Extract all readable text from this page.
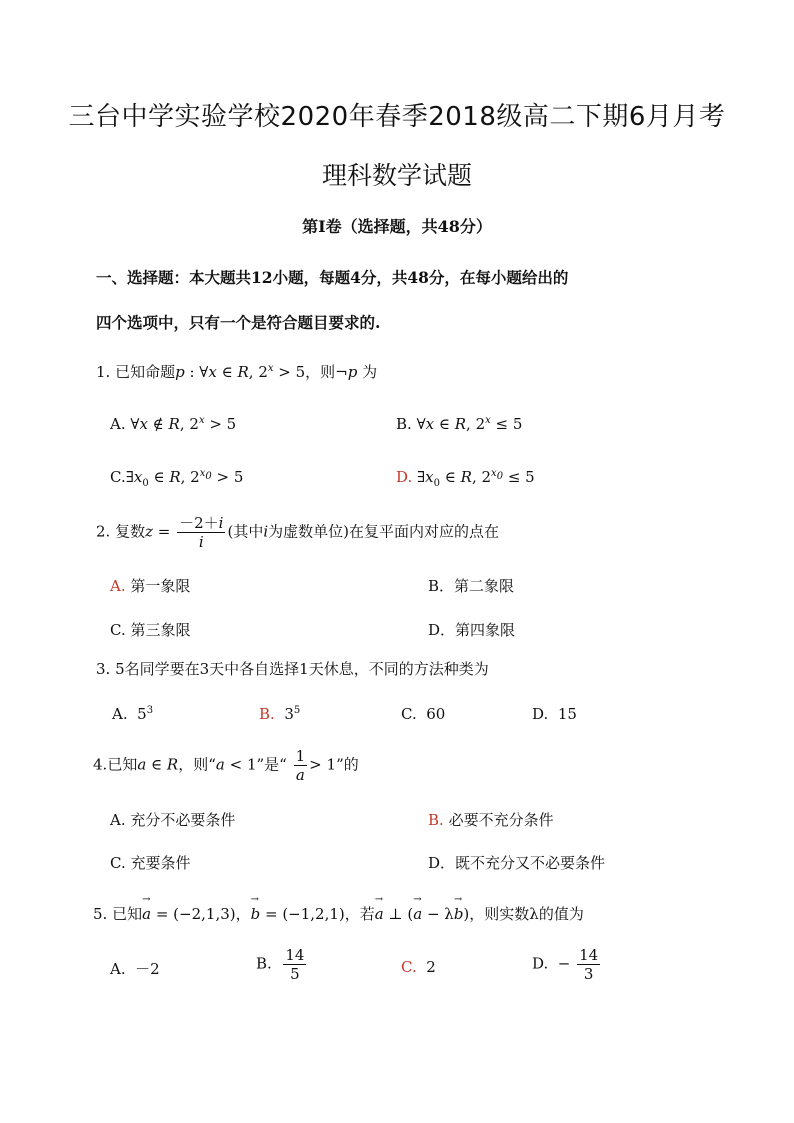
三台中学实验学校2020年春季2018级高二下期6月月考
理科数学试题
第Ⅰ卷（选择题，共48分）
一、选择题：本大题共12小题，每题4分，共48分，在每小题给出的
四个选项中，只有一个是符合题目要求的.
1. 已知命题p : ∀x ∈ R, $2^x > 5$，则¬p 为
A. ∀x ∉ R, $2^x > 5$	B. ∀x ∈ R, $2^x \le 5$
$C.\exists x_0$ ∈ R, $2^{x_0} > 5$	D. $\exists x_0$ ∈ R, $2^{x_0} \le 5$
2. 复数$z = \frac{-2+i}{i}$ (其中i为虚数单位)在复平面内对应的点在
A. 第一象限	B．第二象限
C. 第三象限	D．第四象限
3. 5名同学要在3天中各自选择1天休息，不同的方法种类为
A.  $5^3$	B.  $3^5$	C. 60	D. 15
4.已知a ∈ R，则“a < 1”是“ $\frac{1}{a} > 1$”的
A. 充分不必要条件	B. 必要不充分条件
C. 充要条件	D．既不充分又不必要条件
5. 已知→ a = (−2,1,3)，→ b = (−1,2,1)，若→ a ⊥ (→ a − λ→ b)，则实数λ的值为
A. －2	B. $\frac{14}{5}$	C. 2	D.  − $\frac{14}{3}$
